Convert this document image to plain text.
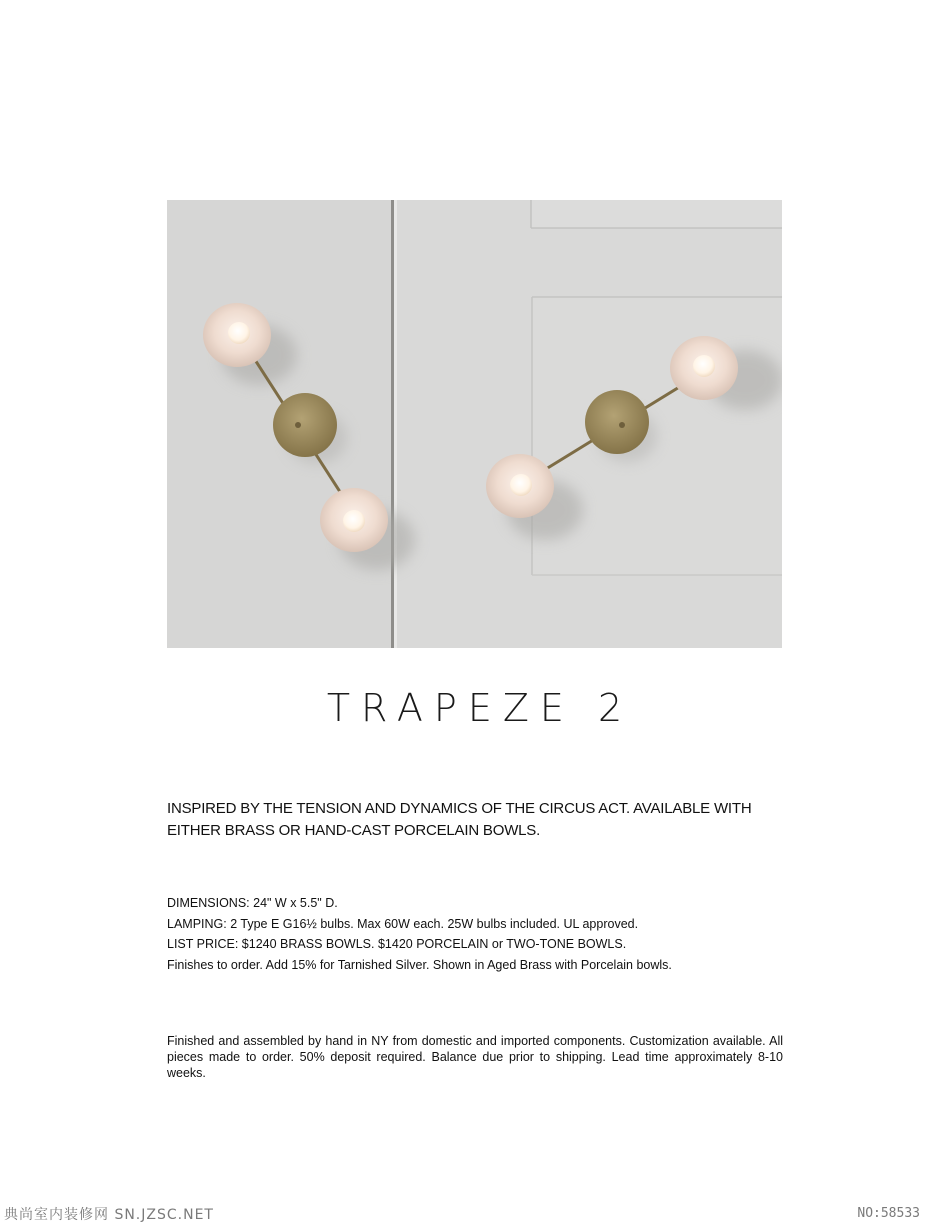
TRAPEZE 2

INSPIRED BY THE TENSION AND DYNAMICS OF THE CIRCUS ACT. AVAILABLE WITH

EITHER BRASS OR HAND-CAST PORCELAIN BOWLS.

DIMENSIONS: 24" W x 5.5" D.

LAMPING: 2 Type E G16½ bulbs. Max 60W each. 25W bulbs included. UL approved.

LIST PRICE: $1240 BRASS BOWLS. $1420 PORCELAIN or TWO-TONE BOWLS.

Finishes to order. Add 15% for Tarnished Silver. Shown in Aged Brass with Porcelain bowls.

Finished and assembled by hand in NY from domestic and imported components. Customization available. All pieces made to order. 50% deposit required. Balance due prior to shipping. Lead time approximately 8-10 weeks.
典尚室内装修网 SN.JZSC.NET	NO:58533
